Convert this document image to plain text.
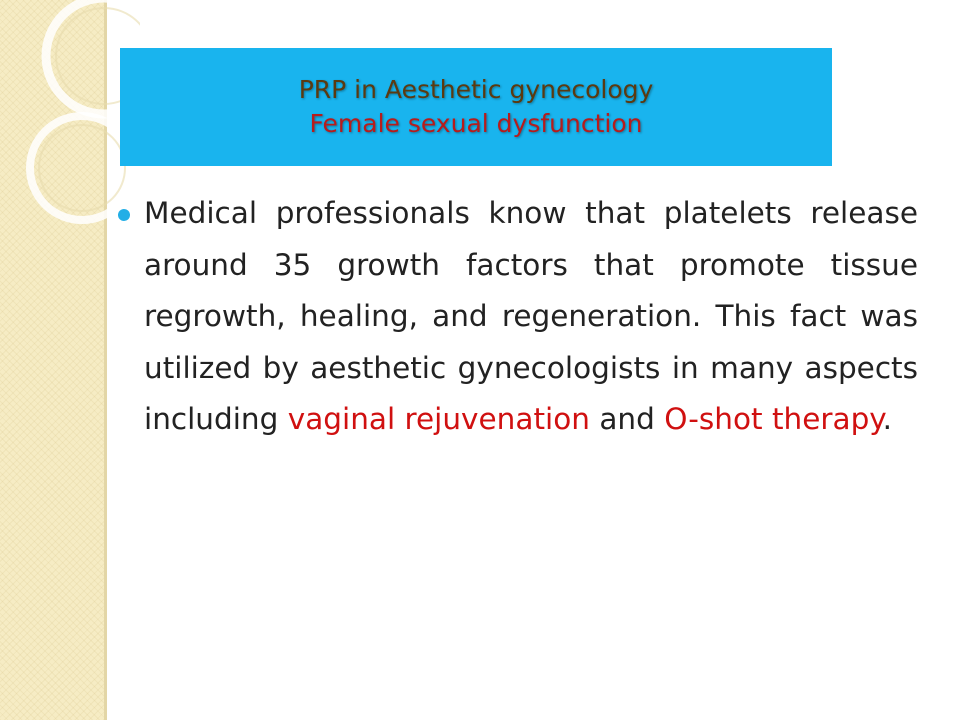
PRP in Aesthetic gynecology
Female sexual dysfunction
Medical professionals know that platelets release around 35 growth factors that promote tissue regrowth, healing, and regeneration. This fact was utilized by aesthetic gynecologists in many aspects including vaginal rejuvenation and O-shot therapy.
